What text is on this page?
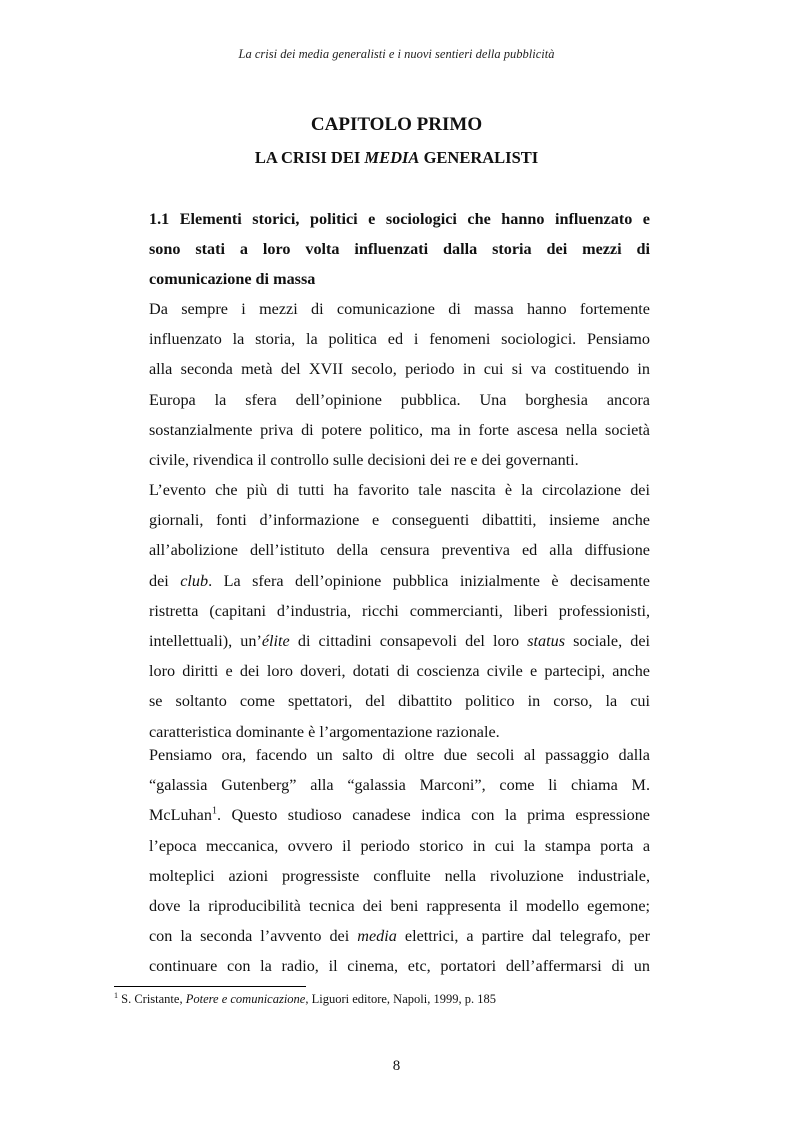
La crisi dei media generalisti e i nuovi sentieri della pubblicità
CAPITOLO PRIMO
LA CRISI DEI MEDIA GENERALISTI

1.1 Elementi storici, politici e sociologici che hanno influenzato e

sono stati a loro volta influenzati dalla storia dei mezzi di

comunicazione di massa

Da sempre i mezzi di comunicazione di massa hanno fortemente

influenzato la storia, la politica ed i fenomeni sociologici. Pensiamo

alla seconda metà del XVII secolo, periodo in cui si va costituendo in

Europa la sfera dell’opinione pubblica. Una borghesia ancora

sostanzialmente priva di potere politico, ma in forte ascesa nella società

civile, rivendica il controllo sulle decisioni dei re e dei governanti.

L’evento che più di tutti ha favorito tale nascita è la circolazione dei

giornali, fonti d’informazione e conseguenti dibattiti, insieme anche

all’abolizione dell’istituto della censura preventiva ed alla diffusione

dei club. La sfera dell’opinione pubblica inizialmente è decisamente

ristretta (capitani d’industria, ricchi commercianti, liberi professionisti,

intellettuali), un’élite di cittadini consapevoli del loro status sociale, dei

loro diritti e dei loro doveri, dotati di coscienza civile e partecipi, anche

se soltanto come spettatori, del dibattito politico in corso, la cui

caratteristica dominante è l’argomentazione razionale.

Pensiamo ora, facendo un salto di oltre due secoli al passaggio dalla

“galassia Gutenberg” alla “galassia Marconi”, come li chiama M.

McLuhan$^1$. Questo studioso canadese indica con la prima espressione

l’epoca meccanica, ovvero il periodo storico in cui la stampa porta a

molteplici azioni progressiste confluite nella rivoluzione industriale,

dove la riproducibilità tecnica dei beni rappresenta il modello egemone;

con la seconda l’avvento dei media elettrici, a partire dal telegrafo, per

continuare con la radio, il cinema, etc, portatori dell’affermarsi di un

$^1$ S. Cristante, Potere e comunicazione, Liguori editore, Napoli, 1999, p. 185
8
